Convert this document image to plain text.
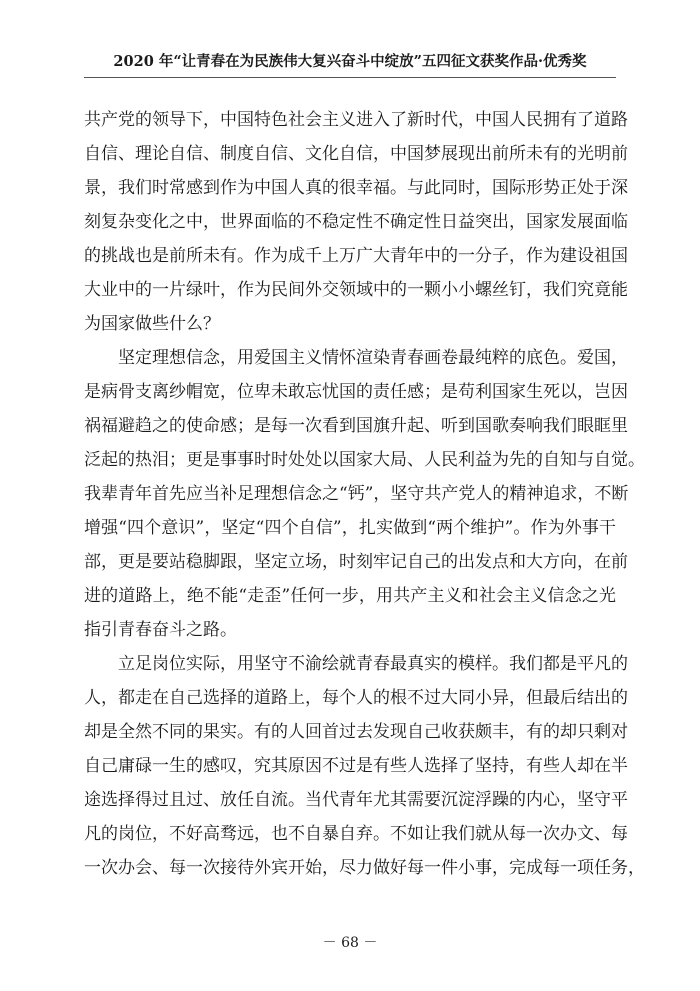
2020 年“让青春在为民族伟大复兴奋斗中绽放”五四征文获奖作品·优秀奖
共产党的领导下，中国特色社会主义进入了新时代，中国人民拥有了道路
自信、理论自信、制度自信、文化自信，中国梦展现出前所未有的光明前
景，我们时常感到作为中国人真的很幸福。与此同时，国际形势正处于深
刻复杂变化之中，世界面临的不稳定性不确定性日益突出，国家发展面临
的挑战也是前所未有。作为成千上万广大青年中的一分子，作为建设祖国
大业中的一片绿叶，作为民间外交领域中的一颗小小螺丝钉，我们究竟能
为国家做些什么？
坚定理想信念，用爱国主义情怀渲染青春画卷最纯粹的底色。爱国，
是病骨支离纱帽宽，位卑未敢忘忧国的责任感；是苟利国家生死以，岂因
祸福避趋之的使命感；是每一次看到国旗升起、听到国歌奏响我们眼眶里
泛起的热泪；更是事事时时处处以国家大局、人民利益为先的自知与自觉。
我辈青年首先应当补足理想信念之“钙”，坚守共产党人的精神追求，不断
增强“四个意识”，坚定“四个自信”，扎实做到“两个维护”。作为外事干
部，更是要站稳脚跟，坚定立场，时刻牢记自己的出发点和大方向，在前
进的道路上，绝不能“走歪”任何一步，用共产主义和社会主义信念之光
指引青春奋斗之路。
立足岗位实际，用坚守不渝绘就青春最真实的模样。我们都是平凡的
人，都走在自己选择的道路上，每个人的根不过大同小异，但最后结出的
却是全然不同的果实。有的人回首过去发现自己收获颇丰，有的却只剩对
自己庸碌一生的感叹，究其原因不过是有些人选择了坚持，有些人却在半
途选择得过且过、放任自流。当代青年尤其需要沉淀浮躁的内心，坚守平
凡的岗位，不好高骛远，也不自暴自弃。不如让我们就从每一次办文、每
一次办会、每一次接待外宾开始，尽力做好每一件小事，完成每一项任务，
－ 68 －
